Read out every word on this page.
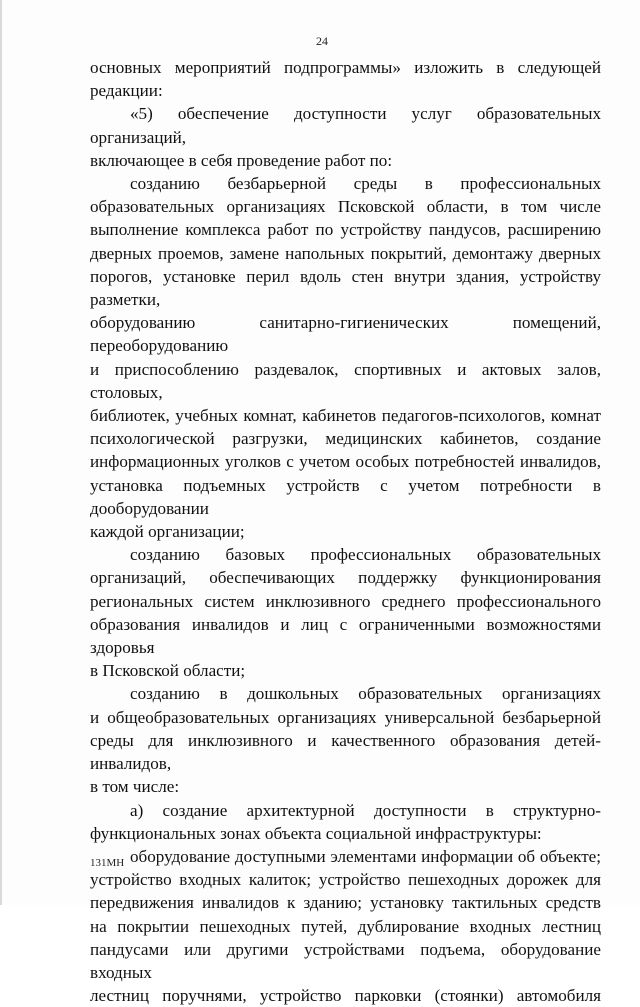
24

основных мероприятий подпрограммы» изложить в следующей

редакции:

«5) обеспечение доступности услуг образовательных организаций,

включающее в себя проведение работ по:

созданию безбарьерной среды в профессиональных

образовательных организациях Псковской области, в том числе

выполнение комплекса работ по устройству пандусов, расширению

дверных проемов, замене напольных покрытий, демонтажу дверных

порогов, установке перил вдоль стен внутри здания, устройству разметки,

оборудованию санитарно-гигиенических помещений, переоборудованию

и приспособлению раздевалок, спортивных и актовых залов, столовых,

библиотек, учебных комнат, кабинетов педагогов-психологов, комнат

психологической разгрузки, медицинских кабинетов, создание

информационных уголков с учетом особых потребностей инвалидов,

установка подъемных устройств с учетом потребности в дооборудовании

каждой организации;

созданию базовых профессиональных образовательных

организаций, обеспечивающих поддержку функционирования

региональных систем инклюзивного среднего профессионального

образования инвалидов и лиц с ограниченными возможностями здоровья

в Псковской области;

созданию в дошкольных образовательных организациях

и общеобразовательных организациях универсальной безбарьерной

среды для инклюзивного и качественного образования детей-инвалидов,

в том числе:

а) создание архитектурной доступности в структурно-

функциональных зонах объекта социальной инфраструктуры:

оборудование доступными элементами информации об объекте;

устройство входных калиток; устройство пешеходных дорожек для

передвижения инвалидов к зданию; установку тактильных средств

на покрытии пешеходных путей, дублирование входных лестниц

пандусами или другими устройствами подъема, оборудование входных

лестниц поручнями, устройство парковки (стоянки) автомобиля

131МН
